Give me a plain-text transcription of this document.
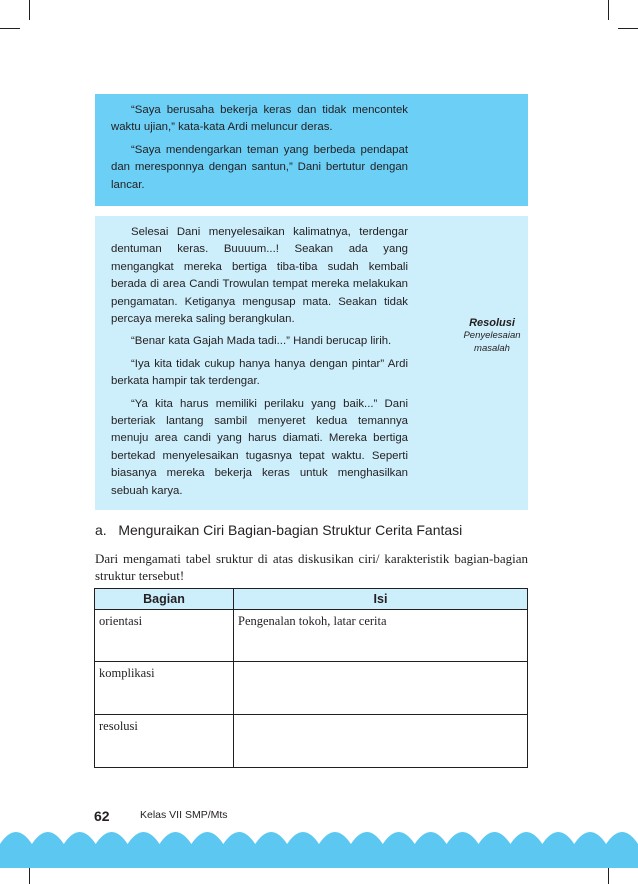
“Saya berusaha bekerja keras dan tidak mencontek waktu ujian,” kata-kata Ardi meluncur deras.

“Saya mendengarkan teman yang berbeda pendapat dan meresponnya dengan santun,” Dani bertutur dengan lancar.

Selesai Dani menyelesaikan kalimatnya, terdengar dentuman keras. Buuuum...! Seakan ada yang mengangkat mereka bertiga tiba-tiba sudah kembali berada di area Candi Trowulan tempat mereka melakukan pengamatan. Ketiganya mengusap mata. Seakan tidak percaya mereka saling berangkulan.

“Benar kata Gajah Mada tadi...” Handi berucap lirih.

“Iya kita tidak cukup hanya hanya dengan pintar” Ardi berkata hampir tak terdengar.

“Ya kita harus memiliki perilaku yang baik...” Dani berteriak lantang sambil menyeret kedua temannya menuju area candi yang harus diamati. Mereka bertiga bertekad menyelesaikan tugasnya tepat waktu. Seperti biasanya mereka bekerja keras untuk menghasilkan sebuah karya.

Resolusi
Penyelesaian masalah
a.   Menguraikan Ciri Bagian-bagian Struktur Cerita Fantasi
Dari mengamati tabel sruktur di atas diskusikan ciri/ karakteristik bagian-bagian struktur tersebut!
Bagian	Isi
orientasi	Pengenalan tokoh, latar cerita
komplikasi	
resolusi	
62	Kelas VII SMP/Mts
